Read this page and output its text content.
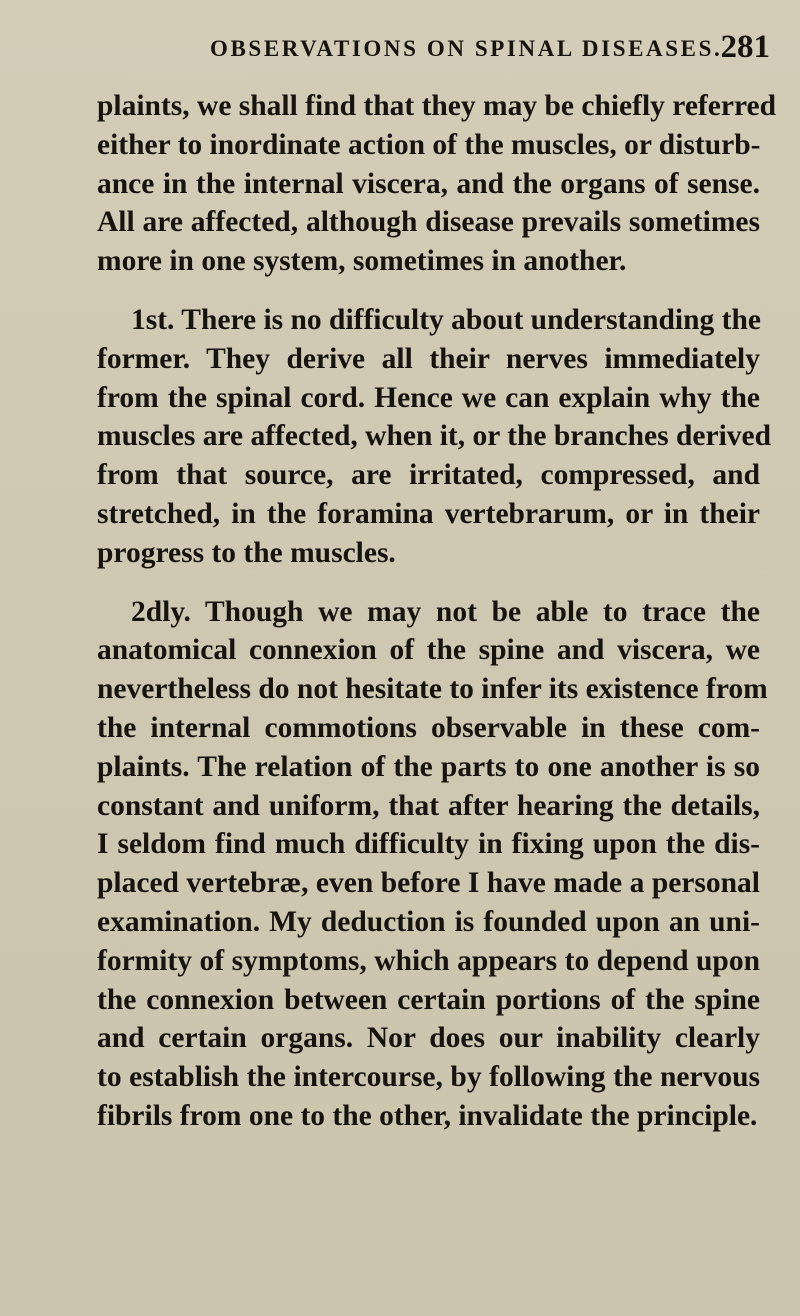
OBSERVATIONS ON SPINAL DISEASES.
281
plaints, we shall find that they may be chiefly referred
either to inordinate action of the muscles, or disturb-
ance in the internal viscera, and the organs of sense.
All are affected, although disease prevails sometimes
more in one system, sometimes in another.
1st. There is no difficulty about understanding the
former. They derive all their nerves immediately
from the spinal cord. Hence we can explain why the
muscles are affected, when it, or the branches derived
from that source, are irritated, compressed, and
stretched, in the foramina vertebrarum, or in their
progress to the muscles.
2dly. Though we may not be able to trace the
anatomical connexion of the spine and viscera, we
nevertheless do not hesitate to infer its existence from
the internal commotions observable in these com-
plaints. The relation of the parts to one another is so
constant and uniform, that after hearing the details,
I seldom find much difficulty in fixing upon the dis-
placed vertebræ, even before I have made a personal
examination. My deduction is founded upon an uni-
formity of symptoms, which appears to depend upon
the connexion between certain portions of the spine
and certain organs. Nor does our inability clearly
to establish the intercourse, by following the nervous
fibrils from one to the other, invalidate the principle.
